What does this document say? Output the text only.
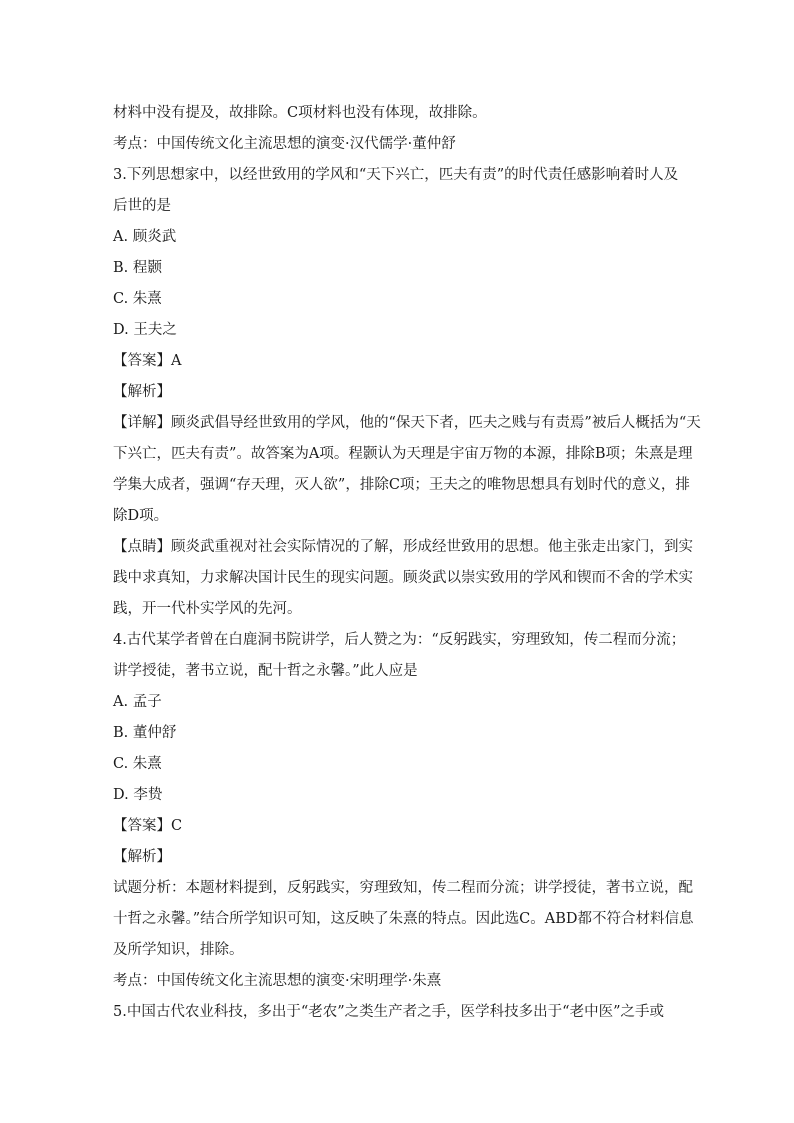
材料中没有提及，故排除。C项材料也没有体现，故排除。
考点：中国传统文化主流思想的演变·汉代儒学·董仲舒
3.下列思想家中，以经世致用的学风和“天下兴亡，匹夫有责”的时代责任感影响着时人及
后世的是
A. 顾炎武
B. 程颢
C. 朱熹
D. 王夫之
【答案】A
【解析】
【详解】顾炎武倡导经世致用的学风，他的“保天下者，匹夫之贱与有责焉”被后人概括为“天
下兴亡，匹夫有责”。故答案为A项。程颢认为天理是宇宙万物的本源，排除B项；朱熹是理
学集大成者，强调“存天理，灭人欲”，排除C项；王夫之的唯物思想具有划时代的意义，排
除D项。
【点睛】顾炎武重视对社会实际情况的了解，形成经世致用的思想。他主张走出家门，到实
践中求真知，力求解决国计民生的现实问题。顾炎武以崇实致用的学风和锲而不舍的学术实
践，开一代朴实学风的先河。
4.古代某学者曾在白鹿洞书院讲学，后人赞之为：“反躬践实，穷理致知，传二程而分流；
讲学授徒，著书立说，配十哲之永馨。”此人应是
A. 孟子
B. 董仲舒
C. 朱熹
D. 李贽
【答案】C
【解析】
试题分析：本题材料提到，反躬践实，穷理致知，传二程而分流；讲学授徒，著书立说，配
十哲之永馨。”结合所学知识可知，这反映了朱熹的特点。因此选C。ABD都不符合材料信息
及所学知识，排除。
考点：中国传统文化主流思想的演变·宋明理学·朱熹
5.中国古代农业科技，多出于“老农”之类生产者之手，医学科技多出于“老中医”之手或
